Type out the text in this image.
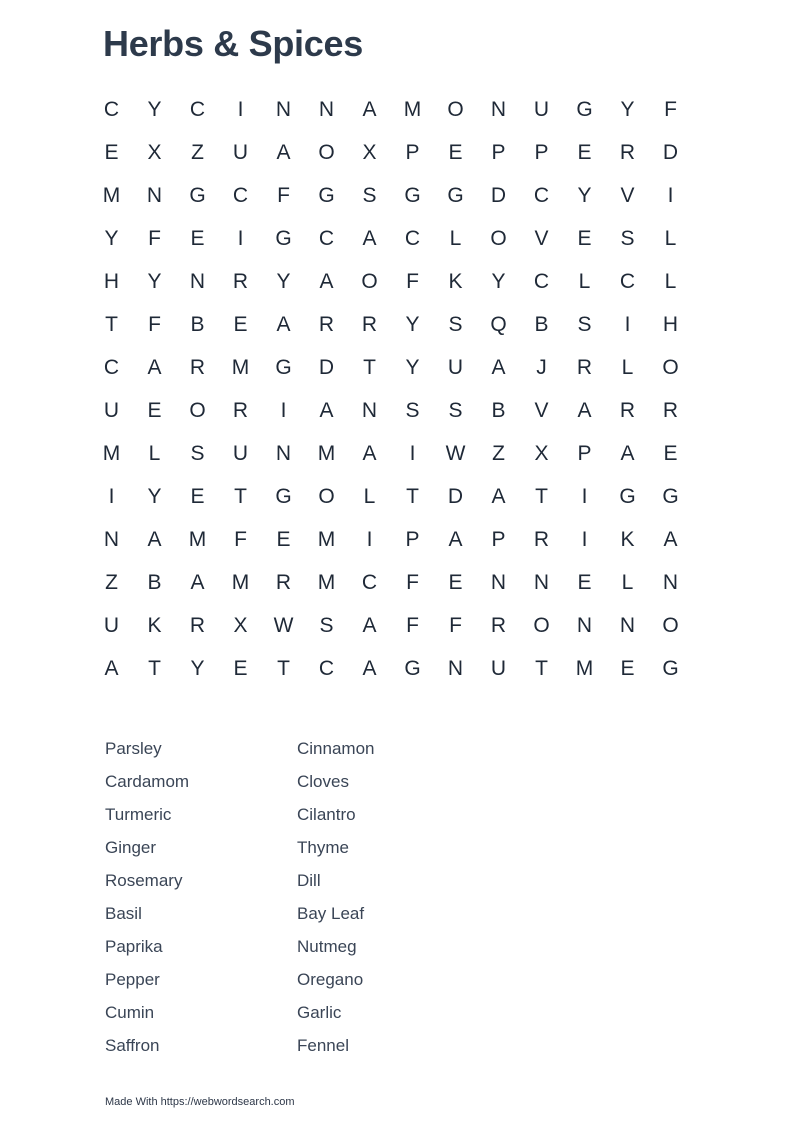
Herbs & Spices
C	Y	C	I	N	N	A	M	O	N	U	G	Y	F
E	X	Z	U	A	O	X	P	E	P	P	E	R	D
M	N	G	C	F	G	S	G	G	D	C	Y	V	I
Y	F	E	I	G	C	A	C	L	O	V	E	S	L
H	Y	N	R	Y	A	O	F	K	Y	C	L	C	L
T	F	B	E	A	R	R	Y	S	Q	B	S	I	H
C	A	R	M	G	D	T	Y	U	A	J	R	L	O
U	E	O	R	I	A	N	S	S	B	V	A	R	R
M	L	S	U	N	M	A	I	W	Z	X	P	A	E
I	Y	E	T	G	O	L	T	D	A	T	I	G	G
N	A	M	F	E	M	I	P	A	P	R	I	K	A
Z	B	A	M	R	M	C	F	E	N	N	E	L	N
U	K	R	X	W	S	A	F	F	R	O	N	N	O
A	T	Y	E	T	C	A	G	N	U	T	M	E	G
Parsley
Cardamom
Turmeric
Ginger
Rosemary
Basil
Paprika
Pepper
Cumin
Saffron
Cinnamon
Cloves
Cilantro
Thyme
Dill
Bay Leaf
Nutmeg
Oregano
Garlic
Fennel
Made With https://webwordsearch.com
